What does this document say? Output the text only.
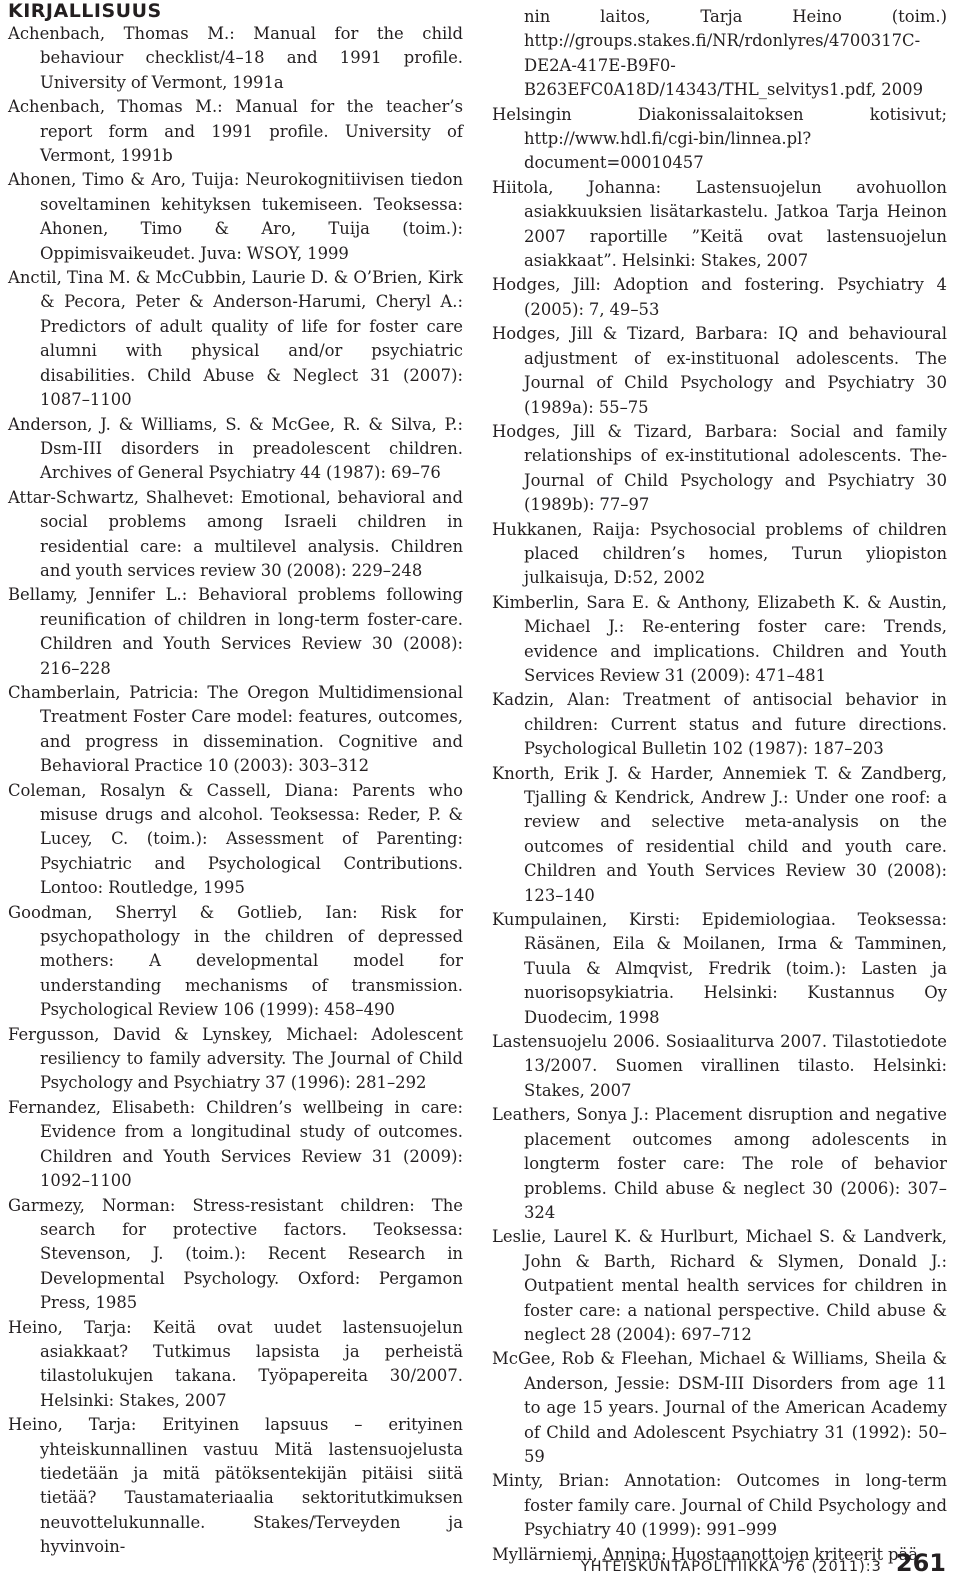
KIRJALLISUUS
Achenbach, Thomas M.: Manual for the child behaviour checklist/4–18 and 1991 profile. University of Vermont, 1991a
Achenbach, Thomas M.: Manual for the teacher’s report form and 1991 profile. University of Vermont, 1991b
Ahonen, Timo & Aro, Tuija: Neurokognitiivisen tiedon soveltaminen kehityksen tukemiseen. Teoksessa: Ahonen, Timo & Aro, Tuija (toim.): Oppimisvaikeudet. Juva: WSOY, 1999
Anctil, Tina M. & McCubbin, Laurie D. & O’Brien, Kirk & Pecora, Peter & Anderson-Harumi, Cheryl A.: Predictors of adult quality of life for foster care alumni with physical and/or psychiatric disabilities. Child Abuse & Neglect 31 (2007): 1087–1100
Anderson, J. & Williams, S. & McGee, R. & Silva, P.: Dsm-III disorders in preadolescent children. Archives of General Psychiatry 44 (1987): 69–76
Attar-Schwartz, Shalhevet: Emotional, behavioral and social problems among Israeli children in residential care: a multilevel analysis. Children and youth services review 30 (2008): 229–248
Bellamy, Jennifer L.: Behavioral problems following reunification of children in long-term foster-care. Children and Youth Services Review 30 (2008): 216–228
Chamberlain, Patricia: The Oregon Multidimensional Treatment Foster Care model: features, outcomes, and progress in dissemination. Cognitive and Behavioral Practice 10 (2003): 303–312
Coleman, Rosalyn & Cassell, Diana: Parents who misuse drugs and alcohol. Teoksessa: Reder, P. & Lucey, C. (toim.): Assessment of Parenting: Psychiatric and Psychological Contributions. Lontoo: Routledge, 1995
Goodman, Sherryl & Gotlieb, Ian: Risk for psychopathology in the children of depressed mothers: A developmental model for understanding mechanisms of transmission. Psychological Review 106 (1999): 458–490
Fergusson, David & Lynskey, Michael: Adolescent resiliency to family adversity. The Journal of Child Psychology and Psychiatry 37 (1996): 281–292
Fernandez, Elisabeth: Children’s wellbeing in care: Evidence from a longitudinal study of outcomes. Children and Youth Services Review 31 (2009): 1092–1100
Garmezy, Norman: Stress-resistant children: The search for protective factors. Teoksessa: Stevenson, J. (toim.): Recent Research in Developmental Psychology. Oxford: Pergamon Press, 1985
Heino, Tarja: Keitä ovat uudet lastensuojelun asiakkaat? Tutkimus lapsista ja perheistä tilastolukujen takana. Työpapereita 30/2007. Helsinki: Stakes, 2007
Heino, Tarja: Erityinen lapsuus – erityinen yhteiskunnallinen vastuu Mitä lastensuojelusta tiedetään ja mitä pätöksentekijän pitäisi siitä tietää? Taustamateriaalia sektoritutkimuksen neuvottelukunnalle. Stakes/Terveyden ja hyvinvoin-
nin laitos, Tarja Heino (toim.) http://groups.stakes.fi/NR/rdonlyres/4700317C-DE2A-417E-B9F0-B263EFC0A18D/14343/THL_selvitys1.pdf, 2009
Helsingin Diakonissalaitoksen kotisivut; http://www.hdl.fi/cgi-bin/linnea.pl?document=00010457
Hiitola, Johanna: Lastensuojelun avohuollon asiakkuuksien lisätarkastelu. Jatkoa Tarja Heinon 2007 raportille ”Keitä ovat lastensuojelun asiakkaat”. Helsinki: Stakes, 2007
Hodges, Jill: Adoption and fostering. Psychiatry 4 (2005): 7, 49–53
Hodges, Jill & Tizard, Barbara: IQ and behavioural adjustment of ex-instituonal adolescents. The Journal of Child Psychology and Psychiatry 30 (1989a): 55–75
Hodges, Jill & Tizard, Barbara: Social and family relationships of ex-institutional adolescents. The-Journal of Child Psychology and Psychiatry 30 (1989b): 77–97
Hukkanen, Raija: Psychosocial problems of children placed children’s homes, Turun yliopiston julkaisuja, D:52, 2002
Kimberlin, Sara E. & Anthony, Elizabeth K. & Austin, Michael J.: Re-entering foster care: Trends, evidence and implications. Children and Youth Services Review 31 (2009): 471–481
Kadzin, Alan: Treatment of antisocial behavior in children: Current status and future directions. Psychological Bulletin 102 (1987): 187–203
Knorth, Erik J. & Harder, Annemiek T. & Zandberg, Tjalling & Kendrick, Andrew J.: Under one roof: a review and selective meta-analysis on the outcomes of residential child and youth care. Children and Youth Services Review 30 (2008): 123–140
Kumpulainen, Kirsti: Epidemiologiaa. Teoksessa: Räsänen, Eila & Moilanen, Irma & Tamminen, Tuula & Almqvist, Fredrik (toim.): Lasten ja nuorisopsykiatria. Helsinki: Kustannus Oy Duodecim, 1998
Lastensuojelu 2006. Sosiaaliturva 2007. Tilastotiedote 13/2007. Suomen virallinen tilasto. Helsinki: Stakes, 2007
Leathers, Sonya J.: Placement disruption and negative placement outcomes among adolescents in longterm foster care: The role of behavior problems. Child abuse & neglect 30 (2006): 307–324
Leslie, Laurel K. & Hurlburt, Michael S. & Landverk, John & Barth, Richard & Slymen, Donald J.: Outpatient mental health services for children in foster care: a national perspective. Child abuse & neglect 28 (2004): 697–712
McGee, Rob & Fleehan, Michael & Williams, Sheila & Anderson, Jessie: DSM-III Disorders from age 11 to age 15 years. Journal of the American Academy of Child and Adolescent Psychiatry 31 (1992): 50–59
Minty, Brian: Annotation: Outcomes in long-term foster family care. Journal of Child Psychology and Psychiatry 40 (1999): 991–999
Myllärniemi, Annina: Huostaanottojen kriteerit pää-
YHTEISKUNTAPOLITIIKKA 76 (2011):3 261
